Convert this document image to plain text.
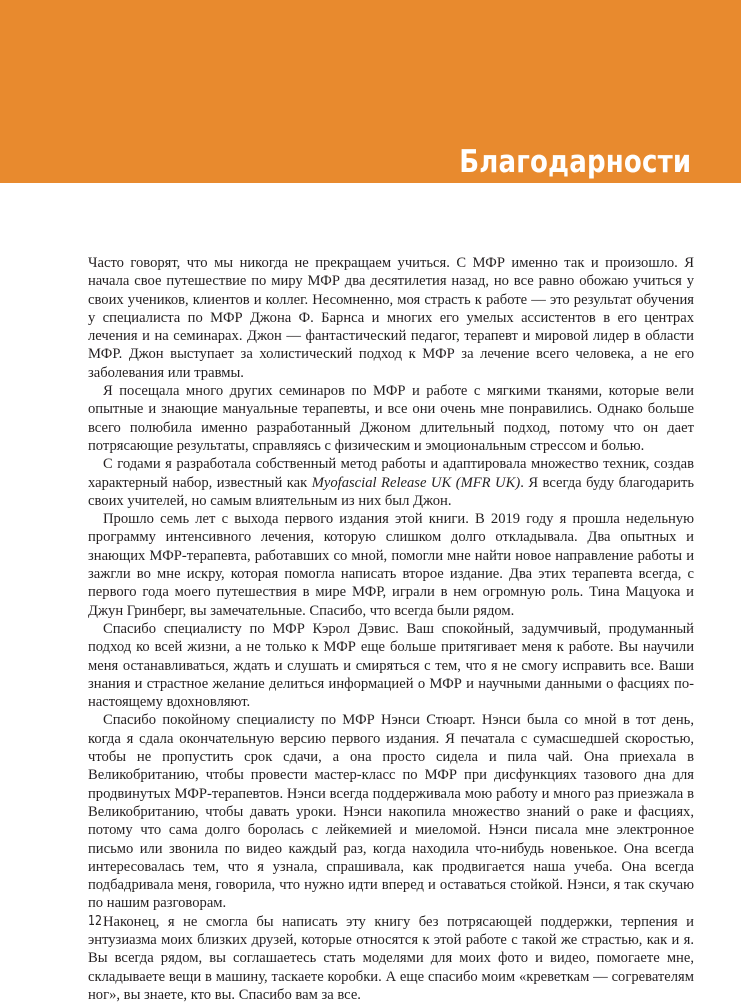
Благодарности

Часто говорят, что мы никогда не прекращаем учиться. С МФР именно так и произошло. Я начала свое путешествие по миру МФР два десятилетия назад, но все равно обожаю учиться у своих учеников, клиентов и коллег. Несомненно, моя страсть к работе — это результат обучения у специалиста по МФР Джона Ф. Барнса и многих его умелых ассистентов в его центрах лечения и на семинарах. Джон — фантастический педагог, терапевт и мировой лидер в области МФР. Джон выступает за холистический подход к МФР за лечение всего человека, а не его заболевания или травмы.

Я посещала много других семинаров по МФР и работе с мягкими тканями, которые вели опытные и знающие мануальные терапевты, и все они очень мне понравились. Однако больше всего полюбила именно разработанный Джоном длительный подход, потому что он дает потрясающие результаты, справляясь с физическим и эмоциональным стрессом и болью.

С годами я разработала собственный метод работы и адаптировала множество техник, создав характерный набор, известный как Myofascial Release UK (MFR UK). Я всегда буду благодарить своих учителей, но самым влиятельным из них был Джон.

Прошло семь лет с выхода первого издания этой книги. В 2019 году я прошла недельную программу интенсивного лечения, которую слишком долго откладывала. Два опытных и знающих МФР-терапевта, работавших со мной, помогли мне найти новое направление работы и зажгли во мне искру, которая помогла написать второе издание. Два этих терапевта всегда, с первого года моего путешествия в мире МФР, играли в нем огромную роль. Тина Мацуока и Джун Гринберг, вы замечательные. Спасибо, что всегда были рядом.

Спасибо специалисту по МФР Кэрол Дэвис. Ваш спокойный, задумчивый, продуманный подход ко всей жизни, а не только к МФР еще больше притягивает меня к работе. Вы научили меня останавливаться, ждать и слушать и смиряться с тем, что я не смогу исправить все. Ваши знания и страстное желание делиться информацией о МФР и научными данными о фасциях по-настоящему вдохновляют.

Спасибо покойному специалисту по МФР Нэнси Стюарт. Нэнси была со мной в тот день, когда я сдала окончательную версию первого издания. Я печатала с сумасшедшей скоростью, чтобы не пропустить срок сдачи, а она просто сидела и пила чай. Она приехала в Великобританию, чтобы провести мастер-класс по МФР при дисфункциях тазового дна для продвинутых МФР-терапевтов. Нэнси всегда поддерживала мою работу и много раз приезжала в Великобританию, чтобы давать уроки. Нэнси накопила множество знаний о раке и фасциях, потому что сама долго боролась с лейкемией и миеломой. Нэнси писала мне электронное письмо или звонила по видео каждый раз, когда находила что-нибудь новенькое. Она всегда интересовалась тем, что я узнала, спрашивала, как продвигается наша учеба. Она всегда подбадривала меня, говорила, что нужно идти вперед и оставаться стойкой. Нэнси, я так скучаю по нашим разговорам.

Наконец, я не смогла бы написать эту книгу без потрясающей поддержки, терпения и энтузиазма моих близких друзей, которые относятся к этой работе с такой же страстью, как и я. Вы всегда рядом, вы соглашаетесь стать моделями для моих фото и видео, помогаете мне, складываете вещи в машину, таскаете коробки. А еще спасибо моим «креветкам — согревателям ног», вы знаете, кто вы. Спасибо вам за все.

12
